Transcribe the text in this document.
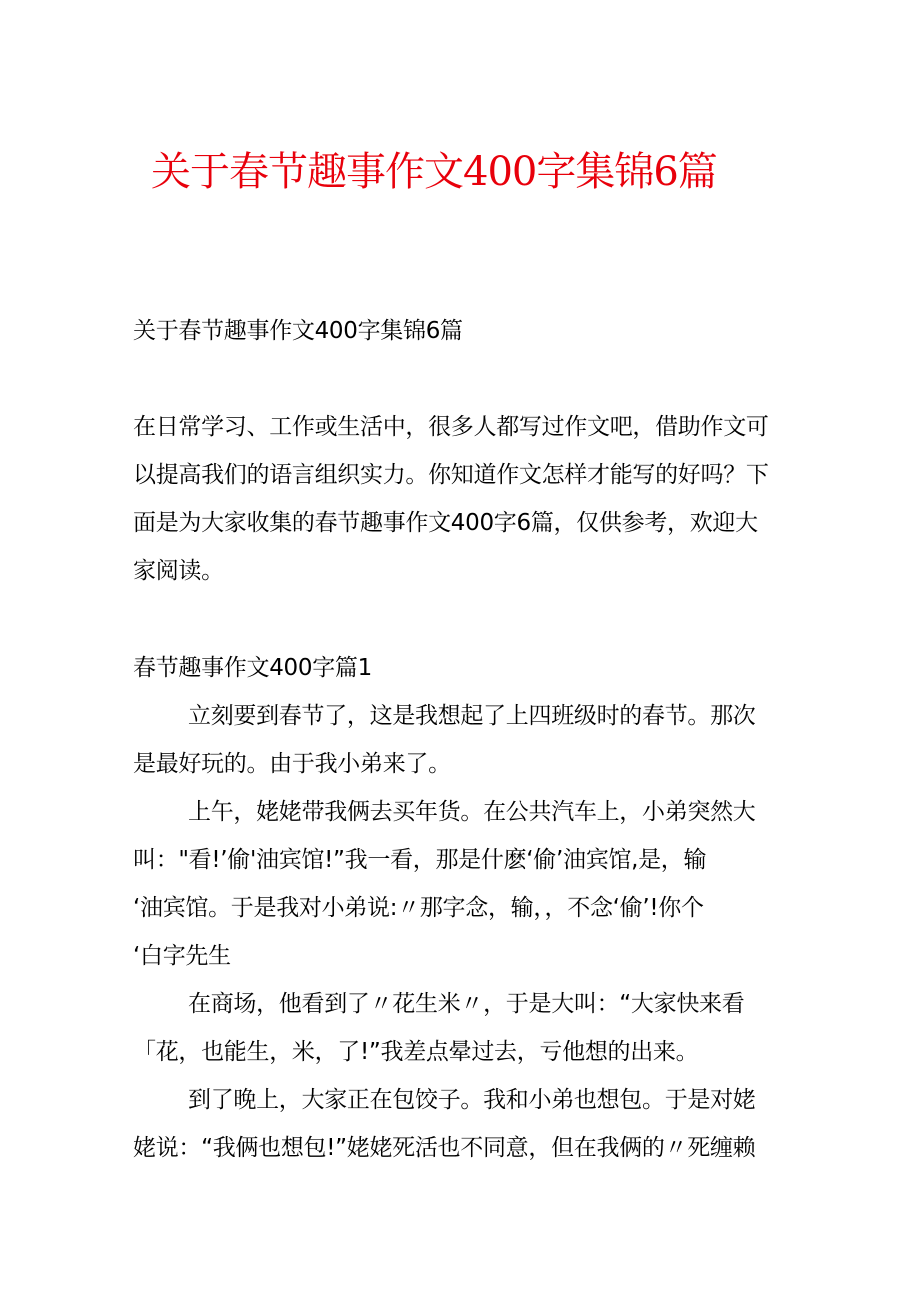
关于春节趣事作文400字集锦6篇

关于春节趣事作文400字集锦6篇

在日常学习、工作或生活中，很多人都写过作文吧，借助作文可

以提高我们的语言组织实力。你知道作文怎样才能写的好吗？下

面是为大家收集的春节趣事作文400字6篇，仅供参考，欢迎大

家阅读。

春节趣事作文400字篇1

立刻要到春节了，这是我想起了上四班级时的春节。那次

是最好玩的。由于我小弟来了。

上午，姥姥带我俩去买年货。在公共汽车上，小弟突然大

叫："看!’偷'油宾馆!”我一看，那是什麽‘偷’油宾馆,是，输

‘油宾馆。于是我对小弟说:〃那字念，输，，不念‘偷’!你个

‘白字先生

在商场，他看到了〃花生米〃，于是大叫：“大家快来看

「花，也能生，米，了!”我差点晕过去，亏他想的出来。

到了晚上，大家正在包饺子。我和小弟也想包。于是对姥

姥说：“我俩也想包!”姥姥死活也不同意，但在我俩的〃死缠赖
